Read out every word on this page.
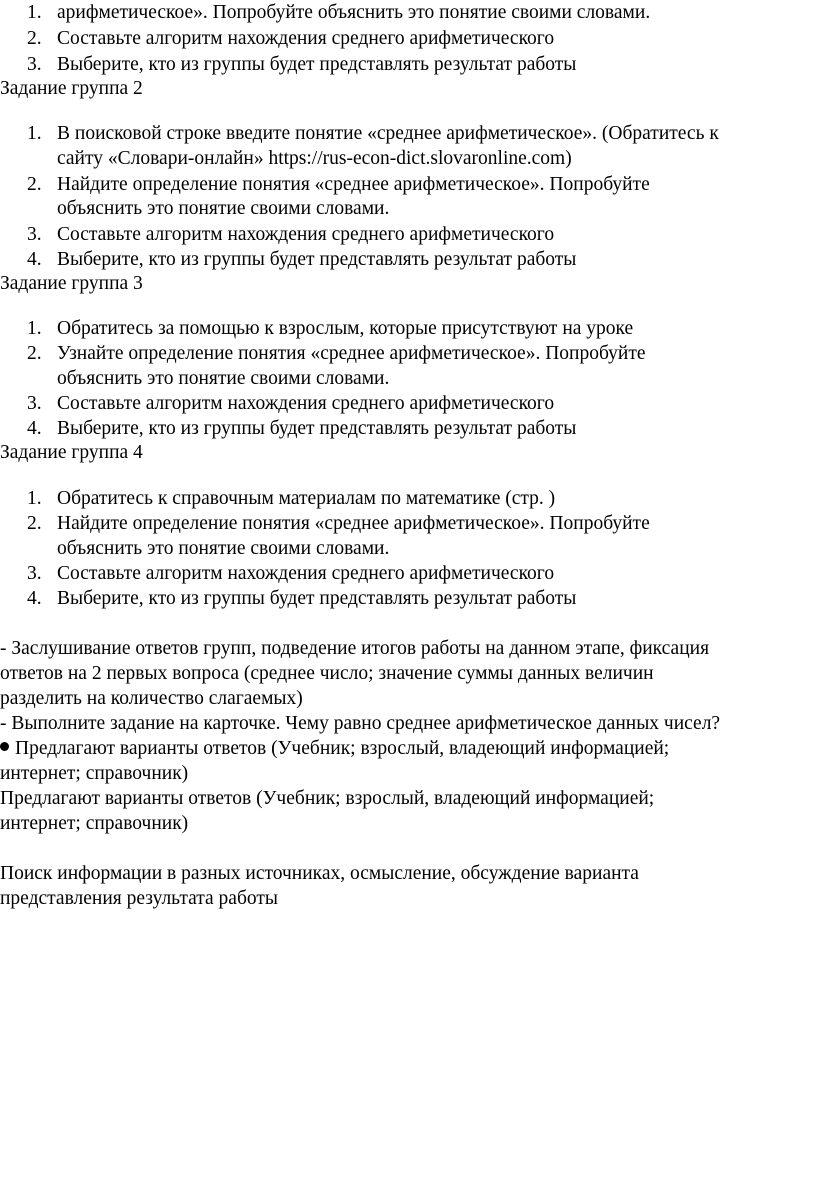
1. арифметическое». Попробуйте объяснить это понятие своими словами.
2. Составьте алгоритм нахождения среднего арифметического
3. Выберите, кто из группы будет представлять результат работы
Задание группа 2
1. В поисковой строке введите понятие «среднее арифметическое». (Обратитесь к
сайту «Словари-онлайн» https://rus-econ-dict.slovaronline.com)
2. Найдите определение понятия «среднее арифметическое». Попробуйте
объяснить это понятие своими словами.
3. Составьте алгоритм нахождения среднего арифметического
4. Выберите, кто из группы будет представлять результат работы
Задание группа 3
1. Обратитесь за помощью к взрослым, которые присутствуют на уроке
2. Узнайте определение понятия «среднее арифметическое». Попробуйте
объяснить это понятие своими словами.
3. Составьте алгоритм нахождения среднего арифметического
4. Выберите, кто из группы будет представлять результат работы
Задание группа 4
1. Обратитесь к справочным материалам по математике (стр. )
2. Найдите определение понятия «среднее арифметическое». Попробуйте
объяснить это понятие своими словами.
3. Составьте алгоритм нахождения среднего арифметического
4. Выберите, кто из группы будет представлять результат работы
- Заслушивание ответов групп, подведение итогов работы на данном этапе, фиксация
ответов на 2 первых вопроса (среднее число; значение суммы данных величин
разделить на количество слагаемых)
- Выполните задание на карточке. Чему равно среднее арифметическое данных чисел?
Предлагают варианты ответов (Учебник; взрослый, владеющий информацией;
интернет; справочник)
Предлагают варианты ответов (Учебник; взрослый, владеющий информацией;
интернет; справочник)
Поиск информации в разных источниках, осмысление, обсуждение варианта
представления результата работы
